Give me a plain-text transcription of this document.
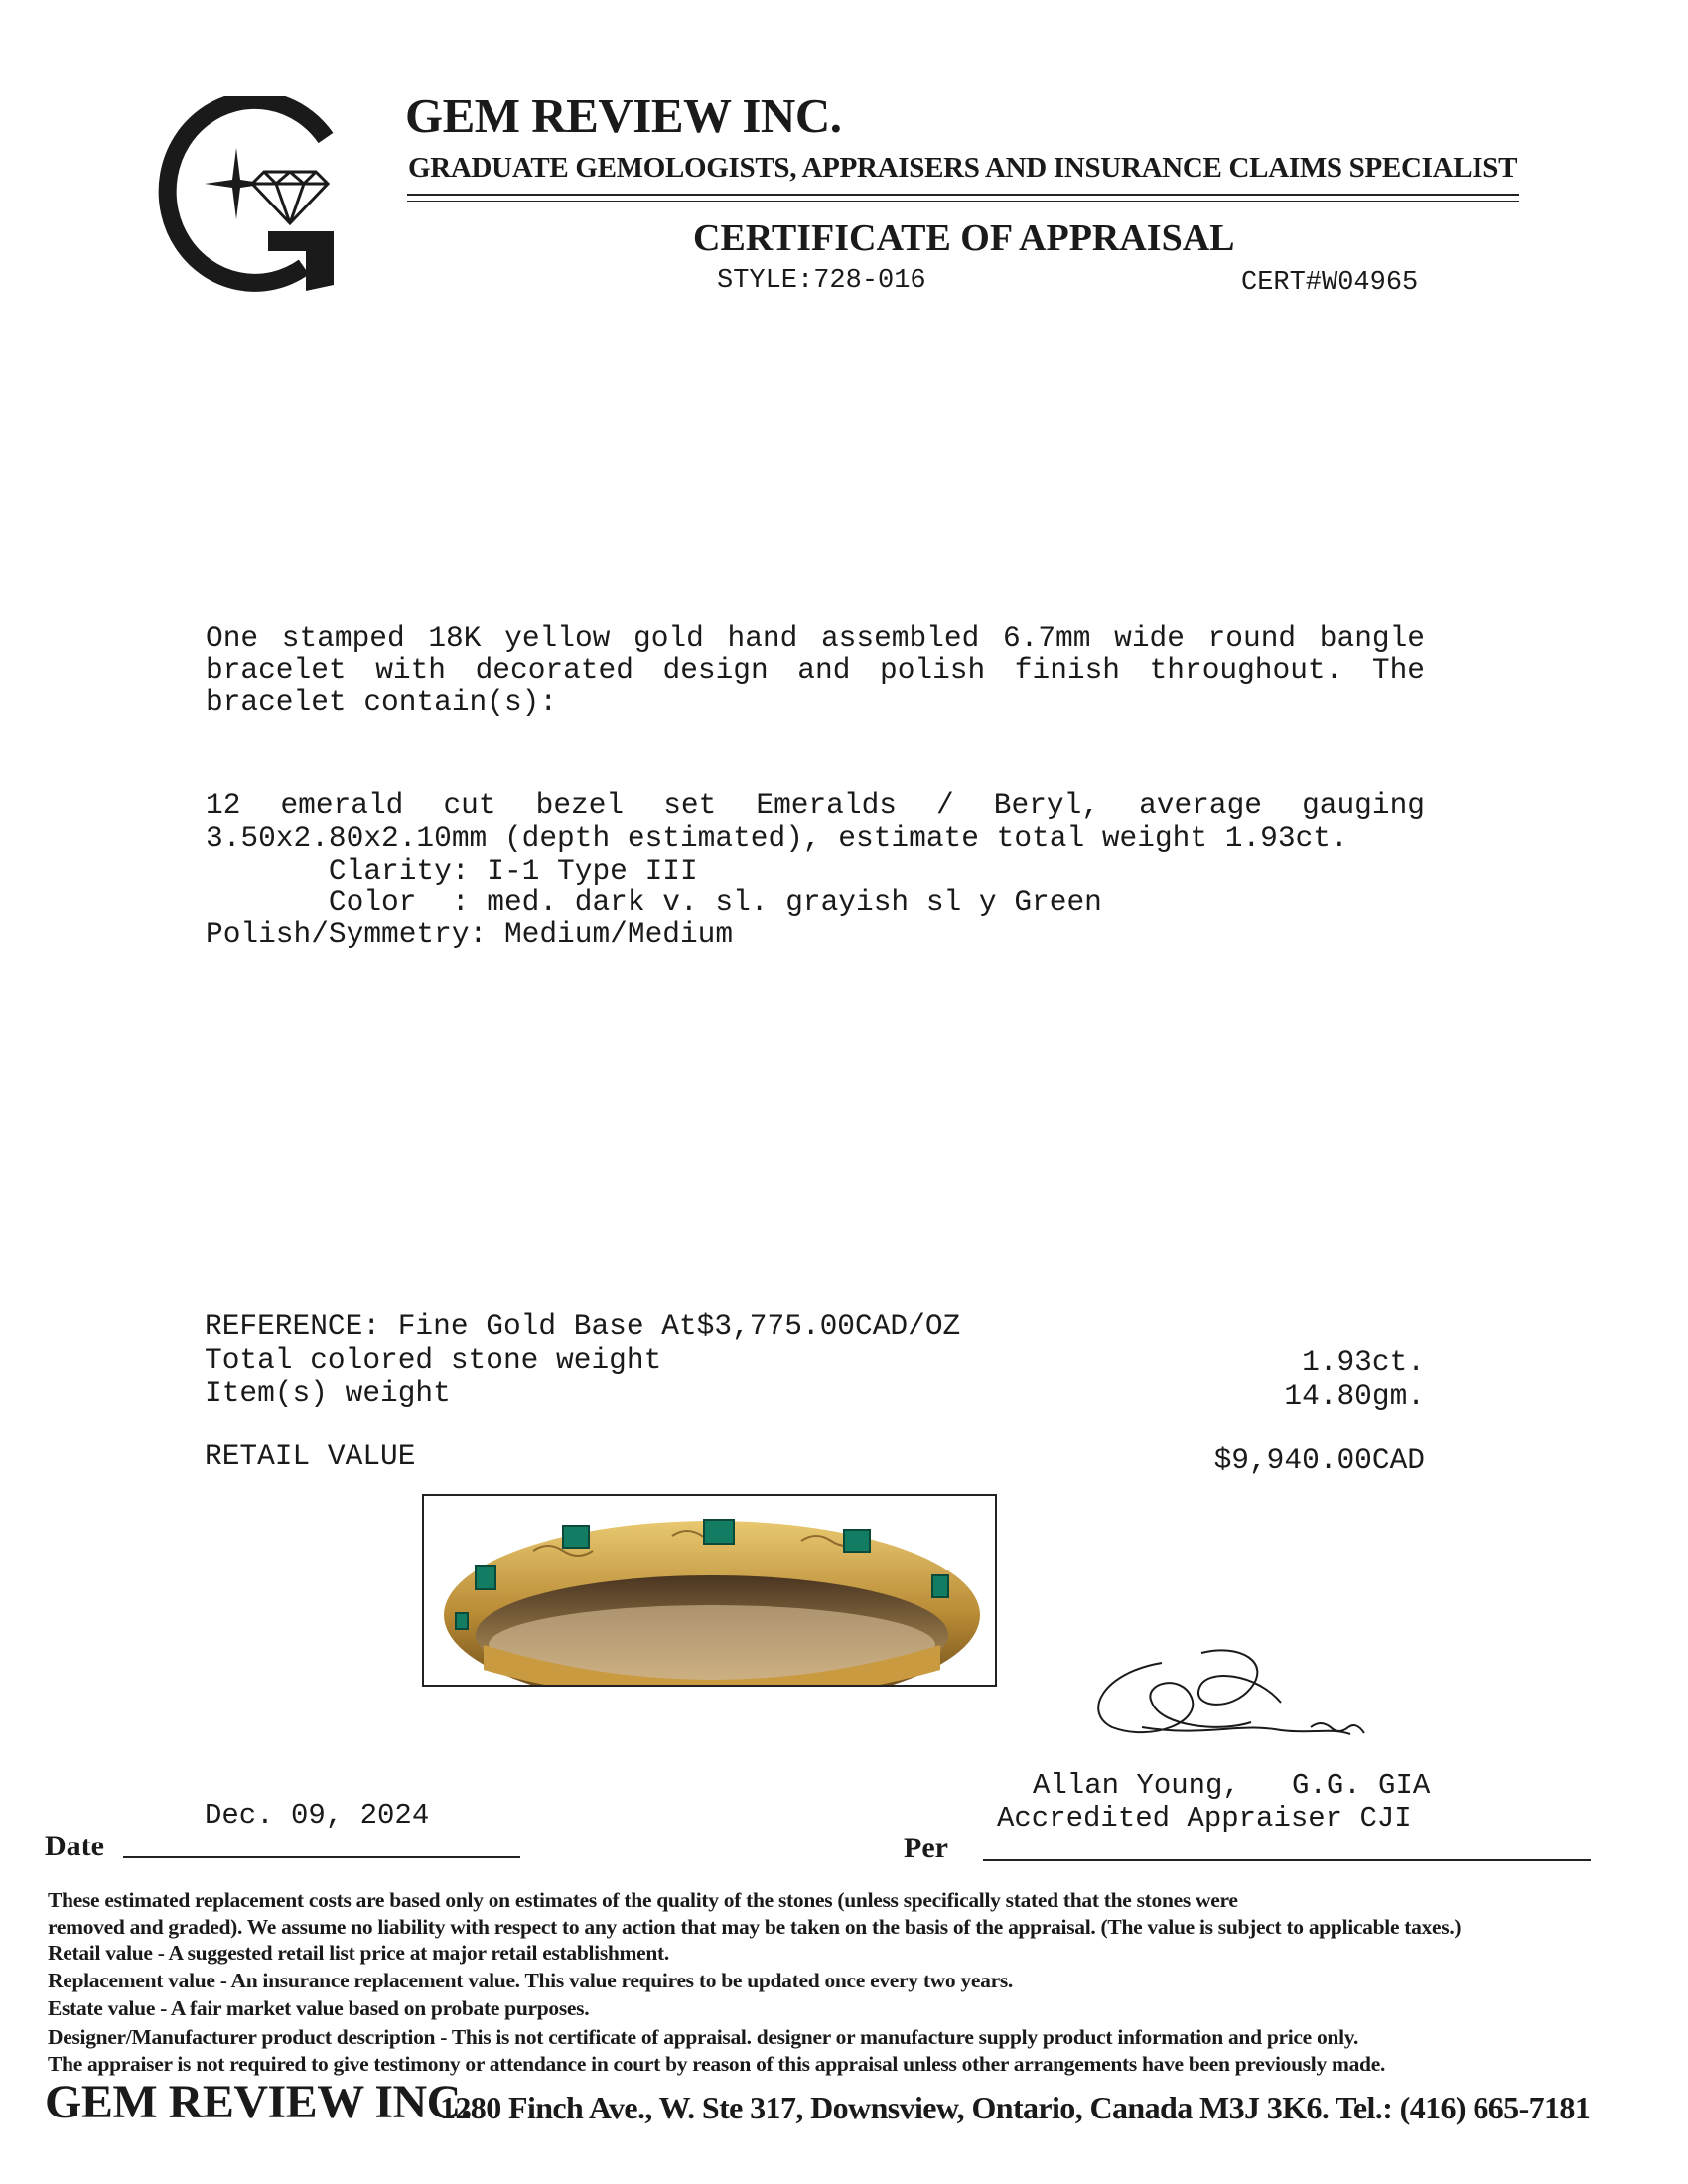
GEM REVIEW INC.
GRADUATE GEMOLOGISTS, APPRAISERS AND INSURANCE CLAIMS SPECIALIST
CERTIFICATE OF APPRAISAL
STYLE:728-016	CERT#W04965
One stamped 18K yellow gold hand assembled 6.7mm wide round bangle
bracelet with decorated design and polish finish throughout. The
bracelet contain(s):
12 emerald cut bezel set Emeralds / Beryl, average gauging
3.50x2.80x2.10mm (depth estimated), estimate total weight 1.93ct.
Clarity: I-1 Type III
Color  : med. dark v. sl. grayish sl y Green
Polish/Symmetry: Medium/Medium
REFERENCE: Fine Gold Base At$3,775.00CAD/OZ
Total colored stone weight	1.93ct.
Item(s) weight	14.80gm.
RETAIL VALUE	$9,940.00CAD
Allan Young,   G.G. GIA
Accredited Appraiser CJI
Dec. 09, 2024
Date	Per
These estimated replacement costs are based only on estimates of the quality of the stones (unless specifically stated that the stones were
removed and graded). We assume no liability with respect to any action that may be taken on the basis of the appraisal. (The value is subject to applicable taxes.)
Retail value - A suggested retail list price at major retail establishment.
Replacement value - An insurance replacement value. This value requires to be updated once every two years.
Estate value - A fair market value based on probate purposes.
Designer/Manufacturer product description - This is not certificate of appraisal. designer or manufacture supply product information and price only.
The appraiser is not required to give testimony or attendance in court by reason of this appraisal unless other arrangements have been previously made.
GEM REVIEW INC.
1280 Finch Ave., W. Ste 317, Downsview, Ontario, Canada M3J 3K6. Tel.: (416) 665-7181
